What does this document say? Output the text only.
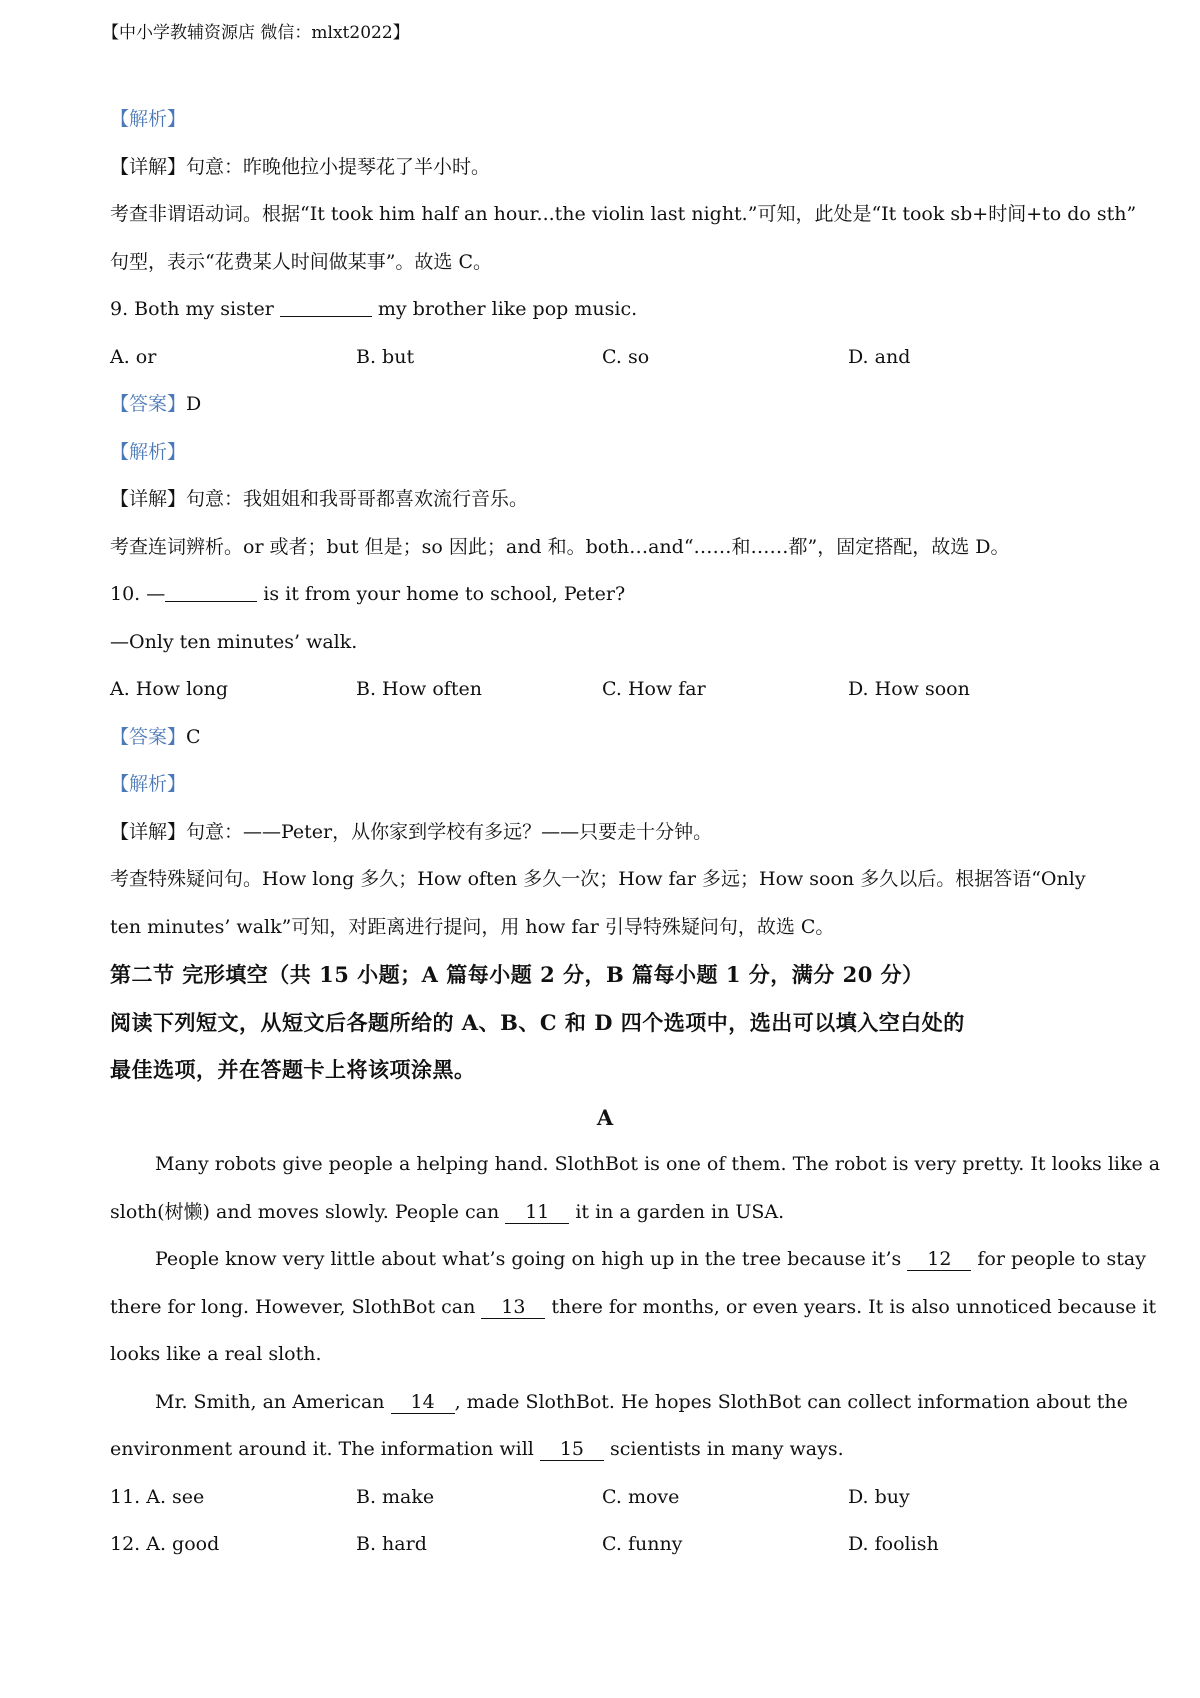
【中小学教辅资源店 微信：mlxt2022】
【解析】
【详解】句意：昨晚他拉小提琴花了半小时。
考查非谓语动词。根据“It took him half an hour...the violin last night.”可知，此处是“It took sb+时间+to do sth”
句型，表示“花费某人时间做某事”。故选 C。
9. Both my sister	my brother like pop music.
A. or	B. but	C. so	D. and
【答案】D
【解析】
【详解】句意：我姐姐和我哥哥都喜欢流行音乐。
考查连词辨析。or 或者；but 但是；so 因此；and 和。both…and“……和……都”，固定搭配，故选 D。
10. —	is it from your home to school, Peter?
—Only ten minutes’ walk.
A. How long	B. How often	C. How far	D. How soon
【答案】C
【解析】
【详解】句意：——Peter，从你家到学校有多远？——只要走十分钟。
考查特殊疑问句。How long 多久；How often 多久一次；How far 多远；How soon 多久以后。根据答语“Only
ten minutes’ walk”可知，对距离进行提问，用 how far 引导特殊疑问句，故选 C。
第二节 完形填空（共 15 小题；A 篇每小题 2 分，B 篇每小题 1 分，满分 20 分）
阅读下列短文，从短文后各题所给的 A、B、C 和 D 四个选项中，选出可以填入空白处的
最佳选项，并在答题卡上将该项涂黑。
A
Many robots give people a helping hand. SlothBot is one of them. The robot is very pretty. It looks like a
sloth(树懒) and moves slowly. People can 11 it in a garden in USA.
People know very little about what’s going on high up in the tree because it’s 12 for people to stay
there for long. However, SlothBot can 13 there for months, or even years. It is also unnoticed because it
looks like a real sloth.
Mr. Smith, an American 14 , made SlothBot. He hopes SlothBot can collect information about the
environment around it. The information will 15 scientists in many ways.
11. A. see	B. make	C. move	D. buy
12. A. good	B. hard	C. funny	D. foolish
